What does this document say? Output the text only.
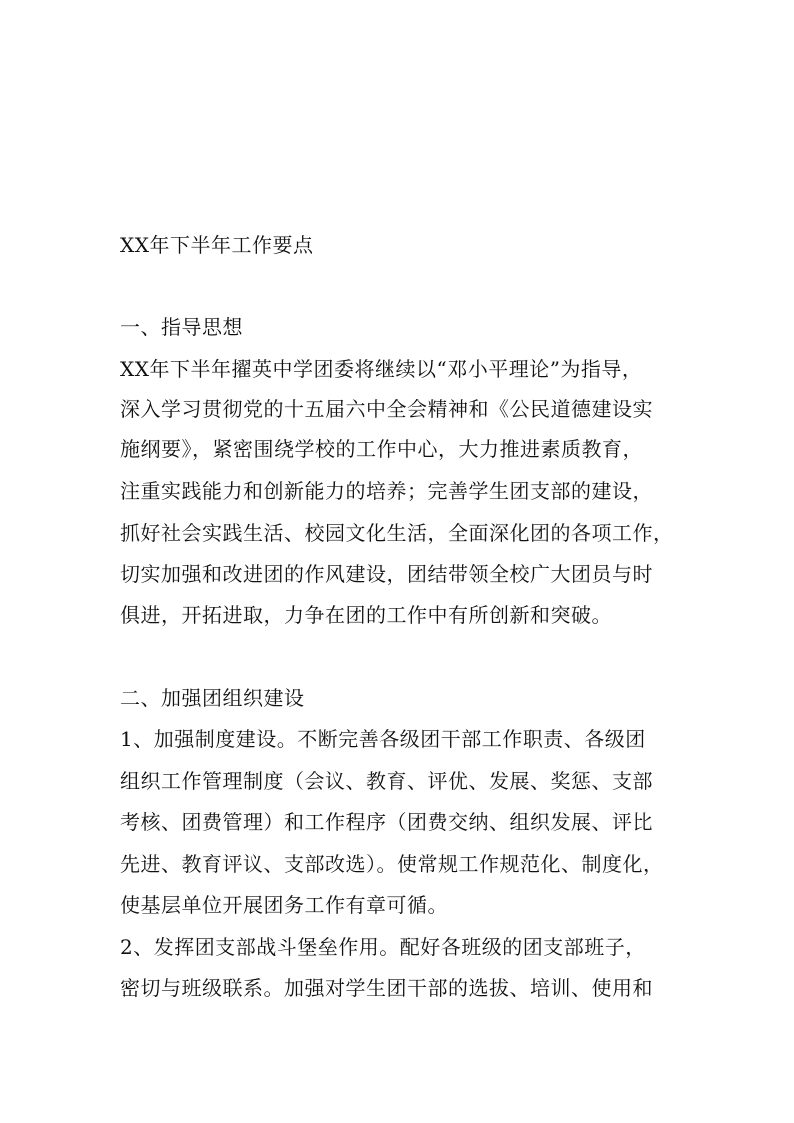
XX年下半年工作要点
一、指导思想
XX年下半年擢英中学团委将继续以“邓小平理论”为指导，
深入学习贯彻党的十五届六中全会精神和《公民道德建设实
施纲要》，紧密围绕学校的工作中心，大力推进素质教育，
注重实践能力和创新能力的培养；完善学生团支部的建设，
抓好社会实践生活、校园文化生活，全面深化团的各项工作，
切实加强和改进团的作风建设，团结带领全校广大团员与时
俱进，开拓进取，力争在团的工作中有所创新和突破。
二、加强团组织建设
1、加强制度建设。不断完善各级团干部工作职责、各级团
组织工作管理制度（会议、教育、评优、发展、奖惩、支部
考核、团费管理）和工作程序（团费交纳、组织发展、评比
先进、教育评议、支部改选）。使常规工作规范化、制度化，
使基层单位开展团务工作有章可循。
2、发挥团支部战斗堡垒作用。配好各班级的团支部班子，
密切与班级联系。加强对学生团干部的选拔、培训、使用和
